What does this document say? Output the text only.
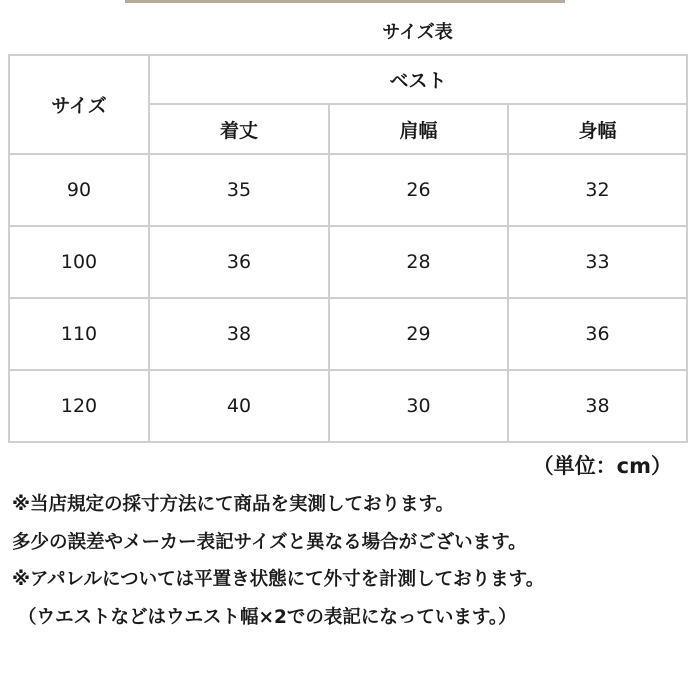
サイズ表
サイズ	ベスト		
	着丈	肩幅	身幅
90	35	26	32
100	36	28	33
110	38	29	36
120	40	30	38
（単位：cm）
※当店規定の採寸方法にて商品を実測しております。
多少の誤差やメーカー表記サイズと異なる場合がございます。
※アパレルについては平置き状態にて外寸を計測しております。
（ウエストなどはウエスト幅×2での表記になっています。）
